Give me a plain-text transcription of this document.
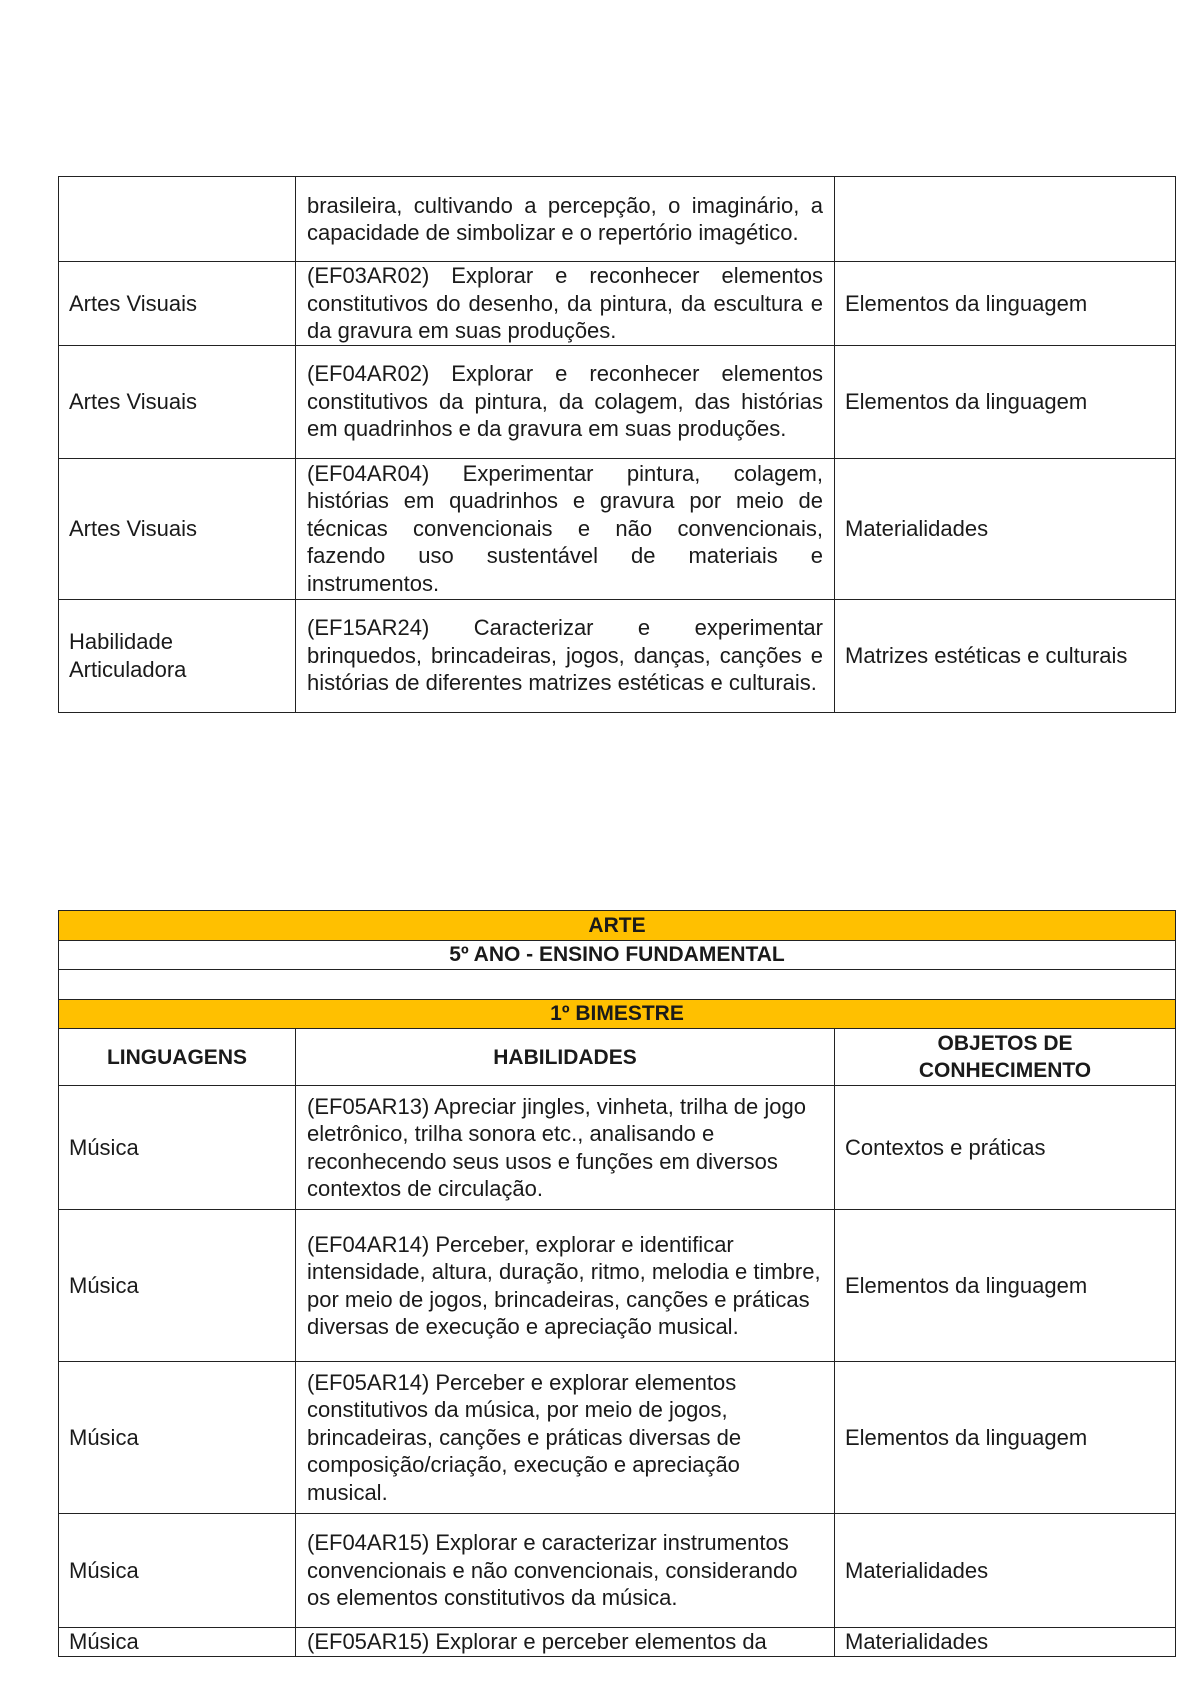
	brasileira, cultivando a percepção, o imaginário, a capacidade de simbolizar e o repertório imagético.	
Artes Visuais	(EF03AR02) Explorar e reconhecer elementos constitutivos do desenho, da pintura, da escultura e da gravura em suas produções.	Elementos da linguagem
Artes Visuais	(EF04AR02) Explorar e reconhecer elementos constitutivos da pintura, da colagem, das histórias em quadrinhos e da gravura em suas produções.	Elementos da linguagem
Artes Visuais	(EF04AR04) Experimentar pintura, colagem, histórias em quadrinhos e gravura por meio de técnicas convencionais e não convencionais, fazendo uso sustentável de materiais e instrumentos.	Materialidades
Habilidade Articuladora	(EF15AR24) Caracterizar e experimentar brinquedos, brincadeiras, jogos, danças, canções e histórias de diferentes matrizes estéticas e culturais.	Matrizes estéticas e culturais
ARTE		
5º ANO - ENSINO FUNDAMENTAL		

1º BIMESTRE		
LINGUAGENS	HABILIDADES	OBJETOS DE CONHECIMENTO
Música	(EF05AR13) Apreciar jingles, vinheta, trilha de jogo eletrônico, trilha sonora etc., analisando e reconhecendo seus usos e funções em diversos contextos de circulação.	Contextos e práticas
Música	(EF04AR14) Perceber, explorar e identificar intensidade, altura, duração, ritmo, melodia e timbre, por meio de jogos, brincadeiras, canções e práticas diversas de execução e apreciação musical.	Elementos da linguagem
Música	(EF05AR14) Perceber e explorar elementos constitutivos da música, por meio de jogos, brincadeiras, canções e práticas diversas de composição/criação, execução e apreciação musical.	Elementos da linguagem
Música	(EF04AR15) Explorar e caracterizar instrumentos convencionais e não convencionais, considerando os elementos constitutivos da música.	Materialidades
Música	(EF05AR15) Explorar e perceber elementos da	Materialidades
